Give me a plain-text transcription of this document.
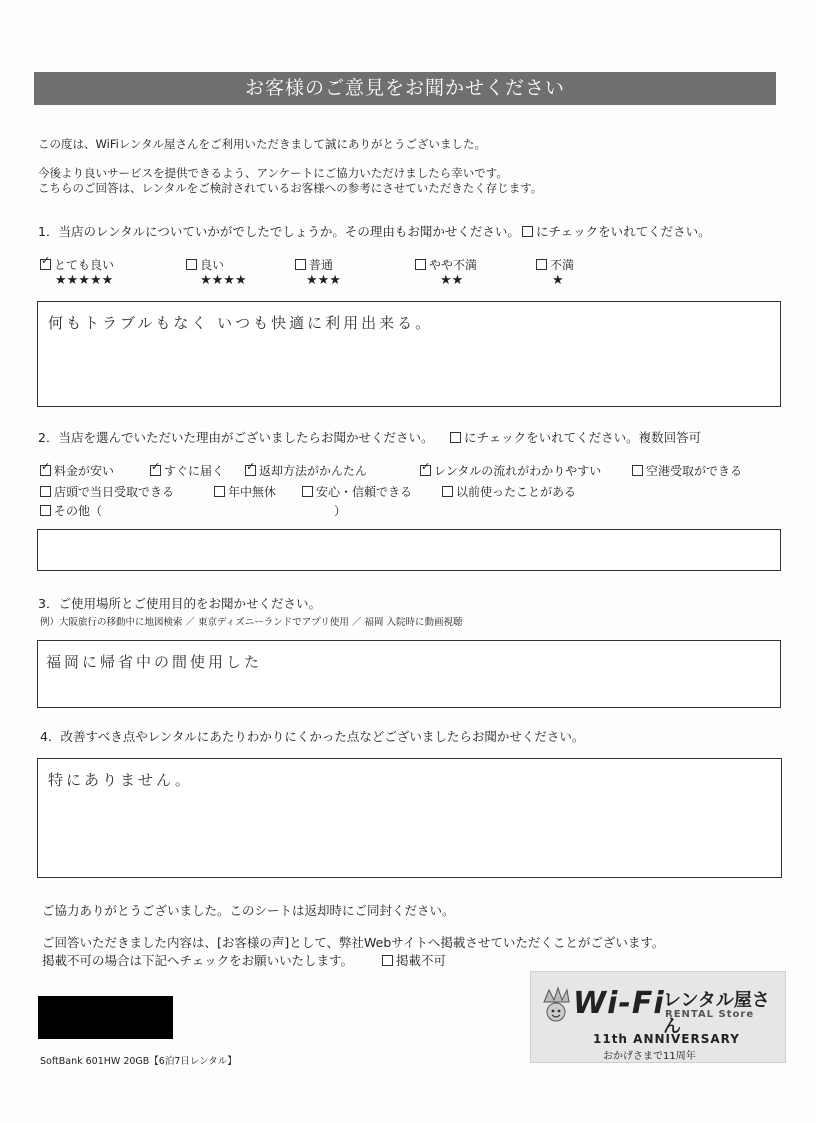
お客様のご意見をお聞かせください
この度は、WiFiレンタル屋さんをご利用いただきまして誠にありがとうございました。
今後より良いサービスを提供できるよう、アンケートにご協力いただけましたら幸いです。
こちらのご回答は、レンタルをご検討されているお客様への参考にさせていただきたく存じます。
1．当店のレンタルについていかがでしたでしょうか。その理由もお聞かせください。	にチェックをいれてください。
✓とても良い
★★★★★
良い
★★★★
普通
★★★
やや不満
★★
不満
★
何もトラブルもなく いつも快適に利用出来る。
2．当店を選んでいただいた理由がございましたらお聞かせください。	にチェックをいれてください。複数回答可
✓料金が安い ✓	すぐに届く ✓	返却方法がかんたん ✓	レンタルの流れがわかりやすい	空港受取ができる
店頭で当日受取できる	年中無休	安心・信頼できる	以前使ったことがある
その他（	）
3．ご使用場所とご使用目的をお聞かせください。
例）大阪旅行の移動中に地図検索 ／ 東京ディズニーランドでアプリ使用 ／ 福岡 入院時に動画視聴
福岡に帰省中の間使用した
4．改善すべき点やレンタルにあたりわかりにくかった点などございましたらお聞かせください。
特にありません。
ご協力ありがとうございました。このシートは返却時にご同封ください。
ご回答いただきました内容は、[お客様の声]として、弊社Webサイトへ掲載させていただくことがございます。
掲載不可の場合は下記へチェックをお願いいたします。	掲載不可
SoftBank 601HW 20GB【6泊7日レンタル】
Wi-Fi
レンタル屋さん
RENTAL Store
11th ANNIVERSARY
おかげさまで11周年
